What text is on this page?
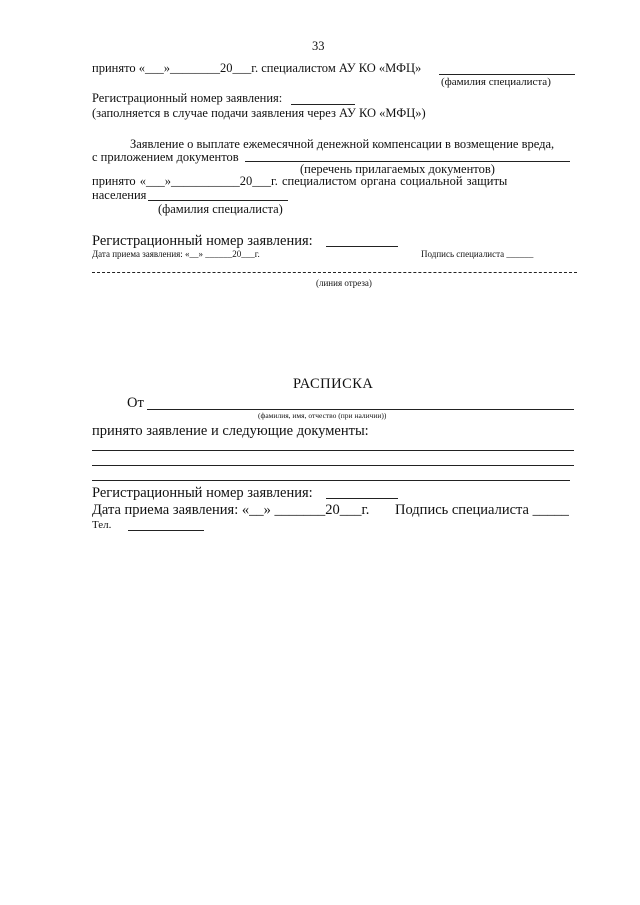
33
принято «___»________20___г. специалистом АУ КО «МФЦ»
(фамилия специалиста)
Регистрационный номер заявления:
(заполняется в случае подачи заявления через АУ КО «МФЦ»)
Заявление о выплате ежемесячной денежной компенсации в возмещение вреда,
с приложением документов
(перечень прилагаемых документов)
принято «___»___________20___г. специалистом органа социальной защиты
населения
(фамилия специалиста)
Регистрационный номер заявления:
Дата приема заявления: «__» ______20___г.	Подпись специалиста ______
(линия отреза)
РАСПИСКА
От
(фамилия, имя, отчество (при наличии))
принято заявление и следующие документы:
Регистрационный номер заявления:
Дата приема заявления: «__» _______20___г. Подпись специалиста _____
Тел.
